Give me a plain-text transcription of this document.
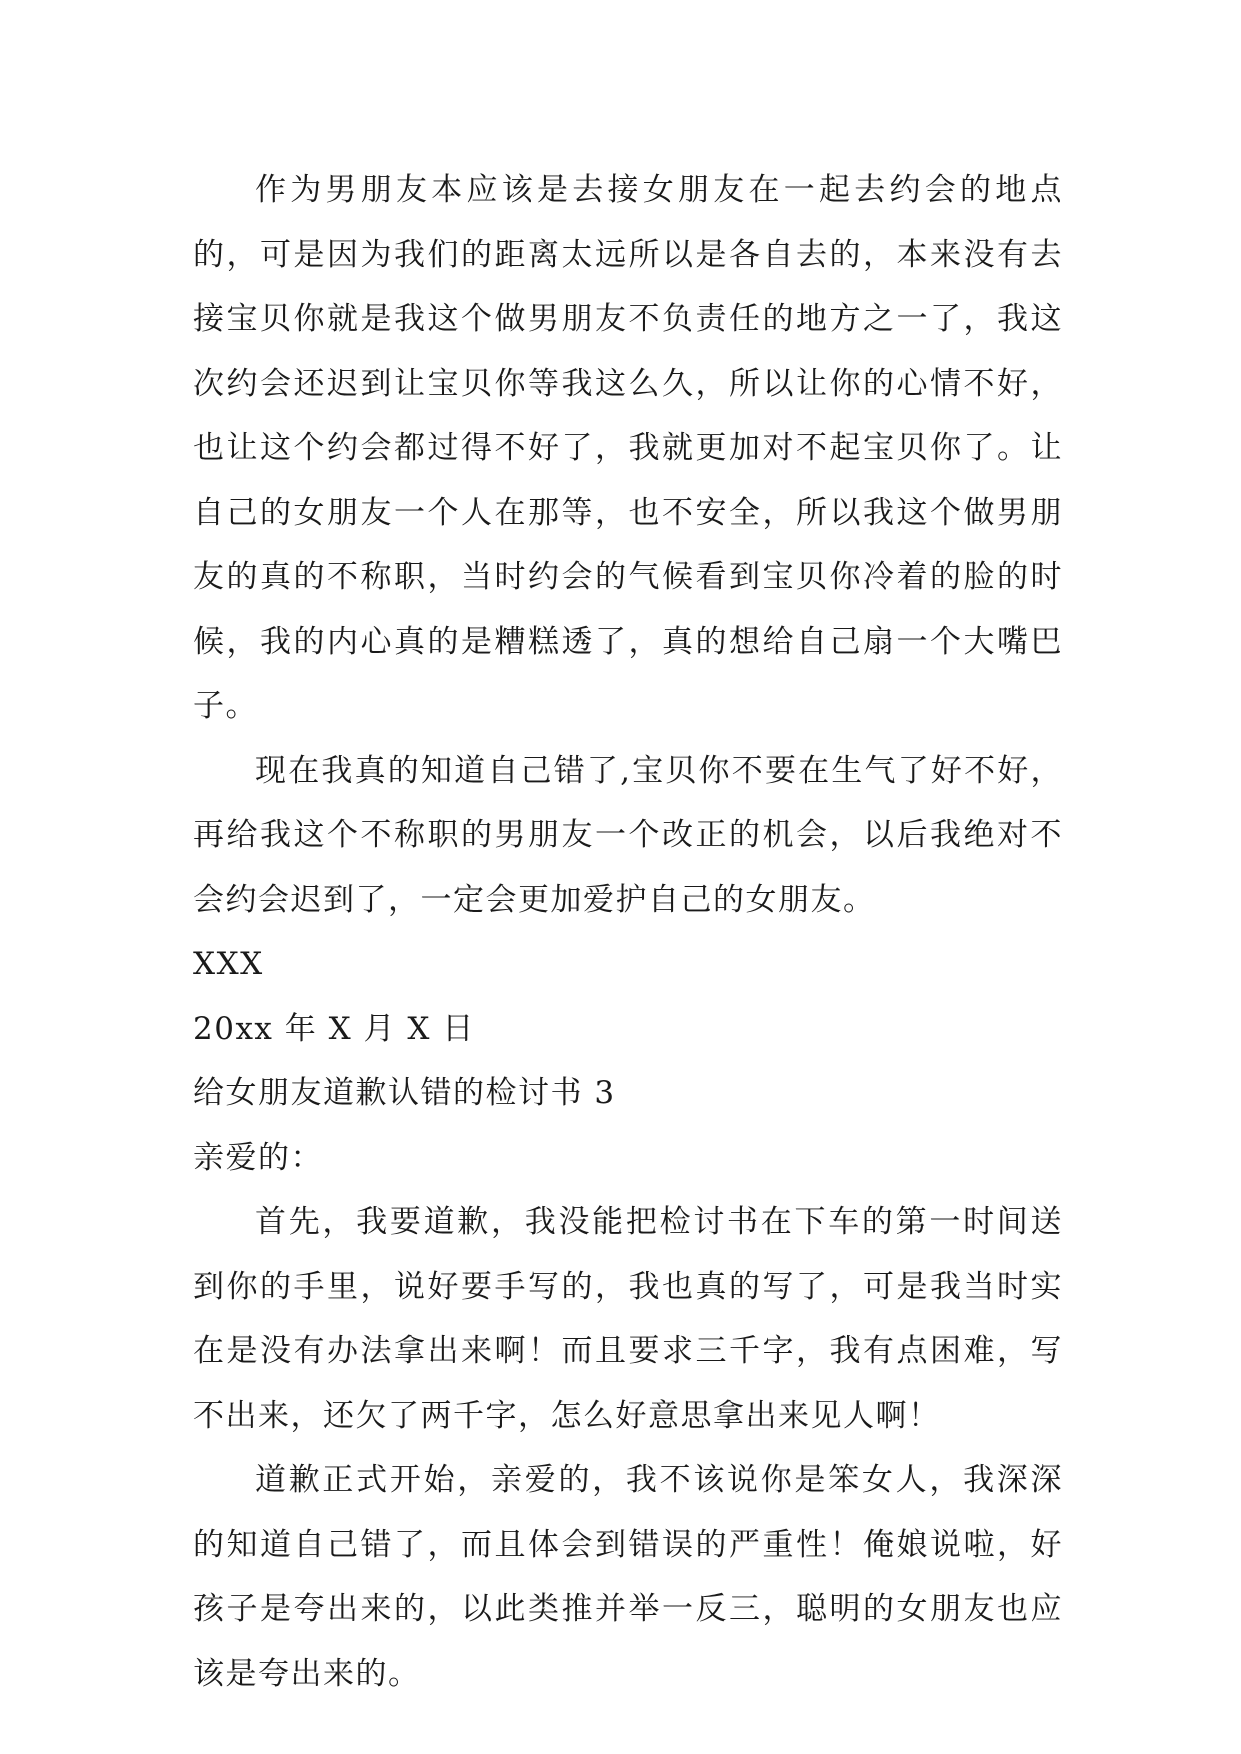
作为男朋友本应该是去接女朋友在一起去约会的地点的，可是因为我们的距离太远所以是各自去的，本来没有去接宝贝你就是我这个做男朋友不负责任的地方之一了，我这次约会还迟到让宝贝你等我这么久，所以让你的心情不好，也让这个约会都过得不好了，我就更加对不起宝贝你了。让自己的女朋友一个人在那等，也不安全，所以我这个做男朋友的真的不称职，当时约会的气候看到宝贝你冷着的脸的时候，我的内心真的是糟糕透了，真的想给自己扇一个大嘴巴子。

现在我真的知道自己错了,宝贝你不要在生气了好不好，再给我这个不称职的男朋友一个改正的机会，以后我绝对不会约会迟到了，一定会更加爱护自己的女朋友。

XXX

20xx 年 X 月 X 日

给女朋友道歉认错的检讨书 3

亲爱的：

首先，我要道歉，我没能把检讨书在下车的第一时间送到你的手里，说好要手写的，我也真的写了，可是我当时实在是没有办法拿出来啊！而且要求三千字，我有点困难，写不出来，还欠了两千字，怎么好意思拿出来见人啊！

道歉正式开始，亲爱的，我不该说你是笨女人，我深深的知道自己错了，而且体会到错误的严重性！俺娘说啦，好孩子是夸出来的，以此类推并举一反三，聪明的女朋友也应该是夸出来的。
